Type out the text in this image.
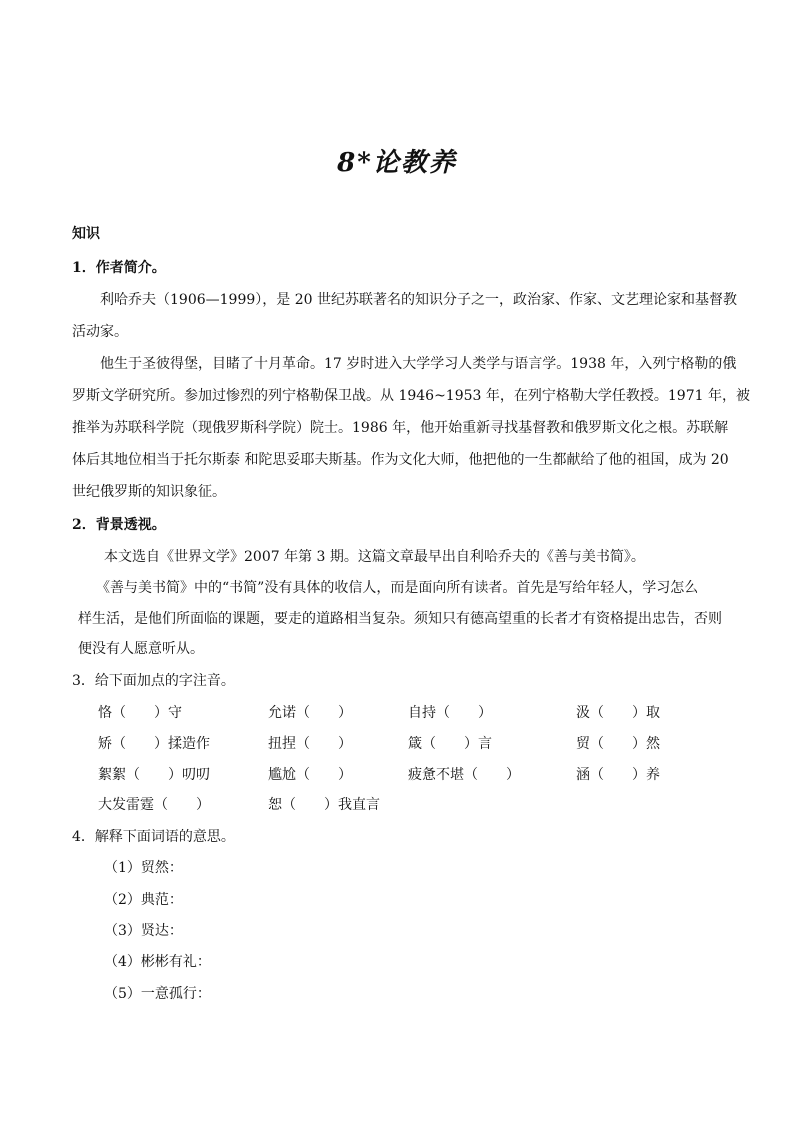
8*论教养
知识
1．作者简介。
利哈乔夫（1906—1999），是 20 世纪苏联著名的知识分子之一，政治家、作家、文艺理论家和基督教
活动家。
他生于圣彼得堡，目睹了十月革命。17 岁时进入大学学习人类学与语言学。1938 年，入列宁格勒的俄
罗斯文学研究所。参加过惨烈的列宁格勒保卫战。从 1946~1953 年，在列宁格勒大学任教授。1971 年，被
推举为苏联科学院（现俄罗斯科学院）院士。1986 年，他开始重新寻找基督教和俄罗斯文化之根。苏联解
体后其地位相当于托尔斯泰 和陀思妥耶夫斯基。作为文化大师，他把他的一生都献给了他的祖国，成为 20
世纪俄罗斯的知识象征。
2．背景透视。
本文选自《世界文学》2007 年第 3 期。这篇文章最早出自利哈乔夫的《善与美书简》。
《善与美书简》中的“书简”没有具体的收信人，而是面向所有读者。首先是写给年轻人，学习怎么
样生活，是他们所面临的课题，要走的道路相当复杂。须知只有德高望重的长者才有资格提出忠告，否则
便没有人愿意听从。
3．给下面加点的字注音。
恪（　　）守	允诺（　　）	自持（　　）	汲（　　）取
矫（　　）揉造作	扭捏（　　）	箴（　　）言	贸（　　）然
絮絮（　　）叨叨	尴尬（　　）	疲惫不堪（　　）	涵（　　）养
大发雷霆（　　）	恕（　　）我直言
4．解释下面词语的意思。
（1）贸然：
（2）典范：
（3）贤达：
（4）彬彬有礼：
（5）一意孤行：
